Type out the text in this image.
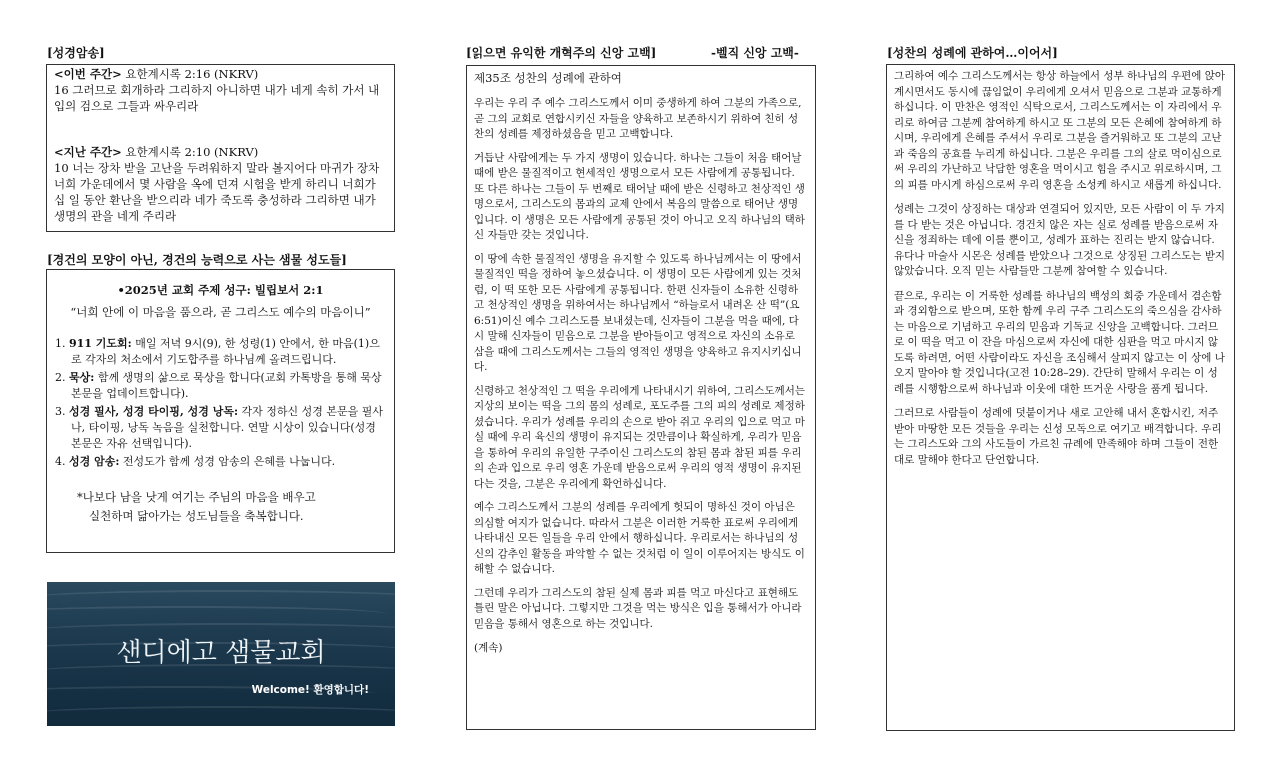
[성경암송]
<이번 주간> 요한계시록 2:16 (NKRV)
16 그러므로 회개하라 그리하지 아니하면 내가 네게 속히 가서 내 입의 검으로 그들과 싸우리라
<지난 주간> 요한계시록 2:10 (NKRV)
10 너는 장차 받을 고난을 두려워하지 말라 볼지어다 마귀가 장차 너희 가운데에서 몇 사람을 옥에 던져 시험을 받게 하리니 너희가 십 일 동안 환난을 받으리라 네가 죽도록 충성하라 그리하면 내가 생명의 관을 네게 주리라
[경건의 모양이 아닌, 경건의 능력으로 사는 샘물 성도들]
•2025년 교회 주제 성구: 빌립보서 2:1
“너희 안에 이 마음을 품으라, 곧 그리스도 예수의 마음이니”
1. 911 기도회: 매일 저녁 9시(9), 한 성령(1) 안에서, 한 마음(1)으로 각자의 처소에서 기도합주를 하나님께 올려드립니다.
2. 묵상: 함께 생명의 삶으로 묵상을 합니다(교회 카톡방을 통해 묵상 본문을 업데이트합니다).
3. 성경 필사, 성경 타이핑, 성경 낭독: 각자 정하신 성경 본문을 필사나, 타이핑, 낭독 녹음을 실천합니다. 연말 시상이 있습니다(성경 본문은 자유 선택입니다).
4. 성경 암송: 전성도가 함께 성경 암송의 은혜를 나눕니다.
*나보다 남을 낫게 여기는 주님의 마음을 배우고
실천하며 닮아가는 성도님들을 축복합니다.
샌디에고 샘물교회
Welcome! 환영합니다!
[읽으면 유익한 개혁주의 신앙 고백]	-벨직 신앙 고백-
제35조 성찬의 성례에 관하여

우리는 우리 주 예수 그리스도께서 이미 중생하게 하여 그분의 가족으로, 곧 그의 교회로 연합시키신 자들을 양육하고 보존하시기 위하여 친히 성찬의 성례를 제정하셨음을 믿고 고백합니다.

거듭난 사람에게는 두 가지 생명이 있습니다. 하나는 그들이 처음 태어날 때에 받은 물질적이고 현세적인 생명으로서 모든 사람에게 공통됩니다. 또 다른 하나는 그들이 두 번째로 태어날 때에 받은 신령하고 천상적인 생명으로서, 그리스도의 몸과의 교제 안에서 복음의 말씀으로 태어난 생명입니다. 이 생명은 모든 사람에게 공통된 것이 아니고 오직 하나님의 택하신 자들만 갖는 것입니다.

이 땅에 속한 물질적인 생명을 유지할 수 있도록 하나님께서는 이 땅에서 물질적인 떡을 정하여 놓으셨습니다. 이 생명이 모든 사람에게 있는 것처럼, 이 떡 또한 모든 사람에게 공통됩니다. 한편 신자들이 소유한 신령하고 천상적인 생명을 위하여서는 하나님께서 “하늘로서 내려온 산 떡”(요 6:51)이신 예수 그리스도를 보내셨는데, 신자들이 그분을 먹을 때에, 다시 말해 신자들이 믿음으로 그분을 받아들이고 영적으로 자신의 소유로 삼을 때에 그리스도께서는 그들의 영적인 생명을 양육하고 유지시키십니다.

신령하고 천상적인 그 떡을 우리에게 나타내시기 위하여, 그리스도께서는 지상의 보이는 떡을 그의 몸의 성례로, 포도주를 그의 피의 성례로 제정하셨습니다. 우리가 성례를 우리의 손으로 받아 쥐고 우리의 입으로 먹고 마실 때에 우리 육신의 생명이 유지되는 것만큼이나 확실하게, 우리가 믿음을 통하여 우리의 유일한 구주이신 그리스도의 참된 몸과 참된 피를 우리의 손과 입으로 우리 영혼 가운데 받음으로써 우리의 영적 생명이 유지된다는 것을, 그분은 우리에게 확언하십니다.

예수 그리스도께서 그분의 성례를 우리에게 헛되이 명하신 것이 아님은 의심할 여지가 없습니다. 따라서 그분은 이러한 거룩한 표로써 우리에게 나타내신 모든 일들을 우리 안에서 행하십니다. 우리로서는 하나님의 성신의 감추인 활동을 파악할 수 없는 것처럼 이 일이 이루어지는 방식도 이해할 수 없습니다.

그런데 우리가 그리스도의 참된 실제 몸과 피를 먹고 마신다고 표현해도 틀린 말은 아닙니다. 그렇지만 그것을 먹는 방식은 입을 통해서가 아니라 믿음을 통해서 영혼으로 하는 것입니다.

(계속)
[성찬의 성례에 관하여…이어서]

그리하여 예수 그리스도께서는 항상 하늘에서 성부 하나님의 우편에 앉아 계시면서도 동시에 끊임없이 우리에게 오셔서 믿음으로 그분과 교통하게 하십니다. 이 만찬은 영적인 식탁으로서, 그리스도께서는 이 자리에서 우리로 하여금 그분께 참여하게 하시고 또 그분의 모든 은혜에 참여하게 하시며, 우리에게 은혜를 주셔서 우리로 그분을 즐거워하고 또 그분의 고난과 죽음의 공효를 누리게 하십니다. 그분은 우리를 그의 살로 먹이심으로써 우리의 가난하고 낙담한 영혼을 먹이시고 힘을 주시고 위로하시며, 그의 피를 마시게 하심으로써 우리 영혼을 소성케 하시고 새롭게 하십니다.

성례는 그것이 상징하는 대상과 연결되어 있지만, 모든 사람이 이 두 가지를 다 받는 것은 아닙니다. 경건치 않은 자는 실로 성례를 받음으로써 자신을 정죄하는 데에 이를 뿐이고, 성례가 표하는 진리는 받지 않습니다. 유다나 마술사 시몬은 성례를 받았으나 그것으로 상징된 그리스도는 받지 않았습니다. 오직 믿는 사람들만 그분께 참여할 수 있습니다.

끝으로, 우리는 이 거룩한 성례를 하나님의 백성의 회중 가운데서 겸손함과 경외함으로 받으며, 또한 함께 우리 구주 그리스도의 죽으심을 감사하는 마음으로 기념하고 우리의 믿음과 기독교 신앙을 고백합니다. 그러므로 이 떡을 먹고 이 잔을 마심으로써 자신에 대한 심판을 먹고 마시지 않도록 하려면, 어떤 사람이라도 자신을 조심해서 살피지 않고는 이 상에 나오지 말아야 할 것입니다(고전 10:28–29). 간단히 말해서 우리는 이 성례를 시행함으로써 하나님과 이웃에 대한 뜨거운 사랑을 품게 됩니다.

그러므로 사람들이 성례에 덧붙이거나 새로 고안해 내서 혼합시킨, 저주받아 마땅한 모든 것들을 우리는 신성 모독으로 여기고 배격합니다. 우리는 그리스도와 그의 사도들이 가르친 규례에 만족해야 하며 그들이 전한 대로 말해야 한다고 단언합니다.
